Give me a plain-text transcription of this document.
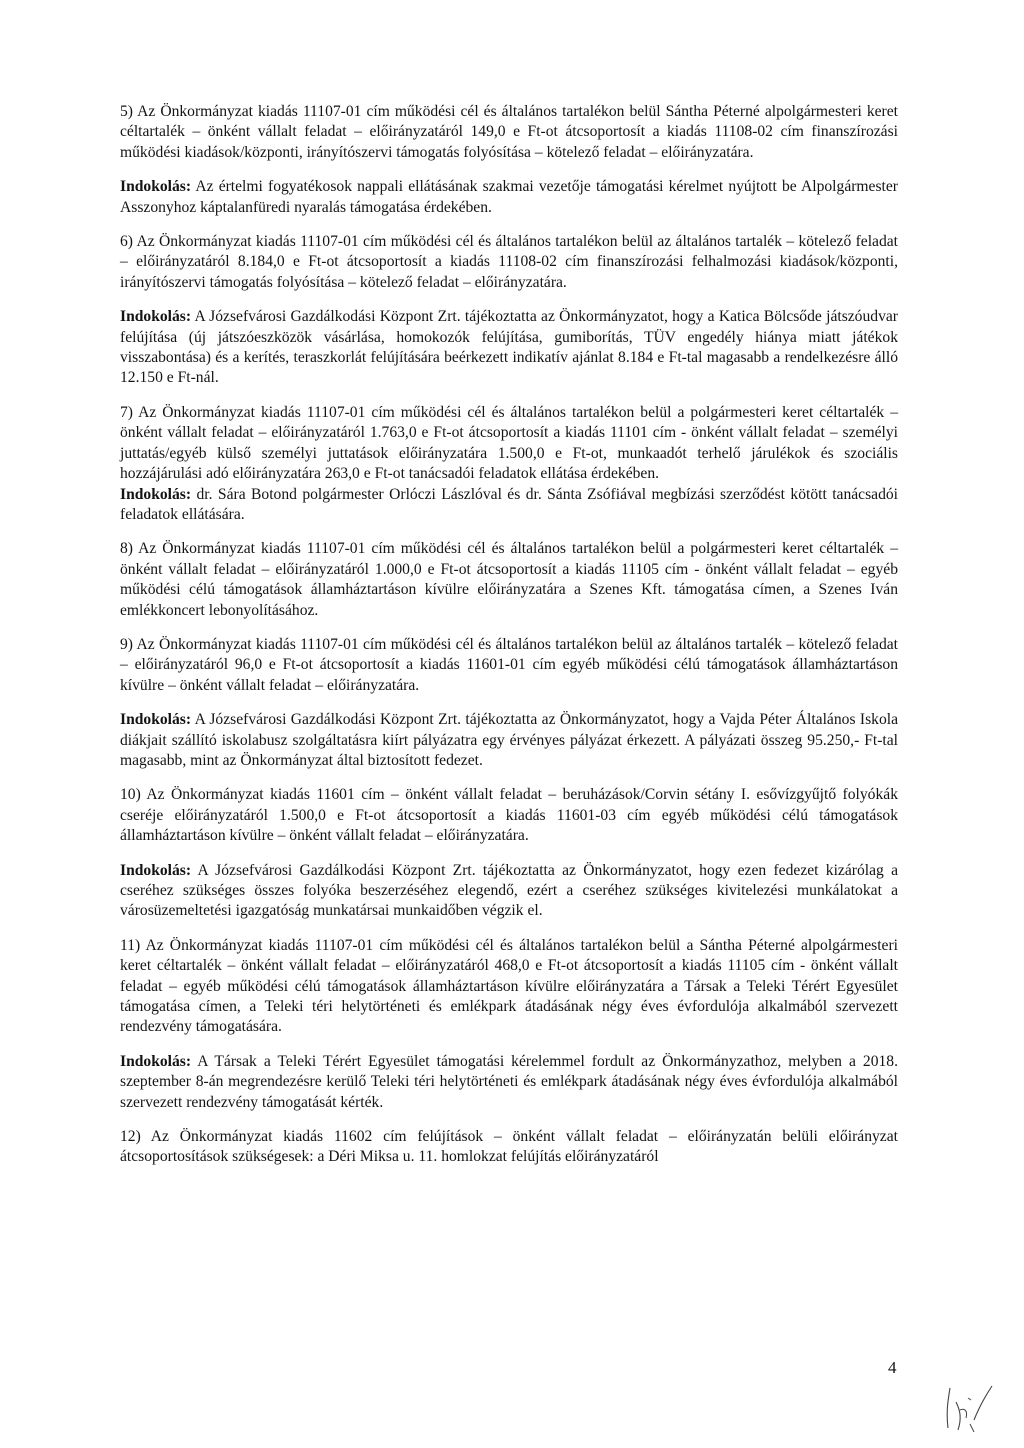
5) Az Önkormányzat kiadás 11107-01 cím működési cél és általános tartalékon belül Sántha Péterné alpolgármesteri keret céltartalék – önként vállalt feladat – előirányzatáról 149,0 e Ft-ot átcsoportosít a kiadás 11108-02 cím finanszírozási működési kiadások/központi, irányítószervi támogatás folyósítása – kötelező feladat – előirányzatára.

Indokolás: Az értelmi fogyatékosok nappali ellátásának szakmai vezetője támogatási kérelmet nyújtott be Alpolgármester Asszonyhoz káptalanfüredi nyaralás támogatása érdekében.

6) Az Önkormányzat kiadás 11107-01 cím működési cél és általános tartalékon belül az általános tartalék – kötelező feladat – előirányzatáról 8.184,0 e Ft-ot átcsoportosít a kiadás 11108-02 cím finanszírozási felhalmozási kiadások/központi, irányítószervi támogatás folyósítása – kötelező feladat – előirányzatára.

Indokolás: A Józsefvárosi Gazdálkodási Központ Zrt. tájékoztatta az Önkormányzatot, hogy a Katica Bölcsőde játszóudvar felújítása (új játszóeszközök vásárlása, homokozók felújítása, gumiborítás, TÜV engedély hiánya miatt játékok visszabontása) és a kerítés, teraszkorlát felújítására beérkezett indikatív ajánlat 8.184 e Ft-tal magasabb a rendelkezésre álló 12.150 e Ft-nál.

7) Az Önkormányzat kiadás 11107-01 cím működési cél és általános tartalékon belül a polgármesteri keret céltartalék – önként vállalt feladat – előirányzatáról 1.763,0 e Ft-ot átcsoportosít a kiadás 11101 cím - önként vállalt feladat – személyi juttatás/egyéb külső személyi juttatások előirányzatára 1.500,0 e Ft-ot, munkaadót terhelő járulékok és szociális hozzájárulási adó előirányzatára 263,0 e Ft-ot tanácsadói feladatok ellátása érdekében.

Indokolás: dr. Sára Botond polgármester Orlóczi Lászlóval és dr. Sánta Zsófiával megbízási szerződést kötött tanácsadói feladatok ellátására.

8) Az Önkormányzat kiadás 11107-01 cím működési cél és általános tartalékon belül a polgármesteri keret céltartalék – önként vállalt feladat – előirányzatáról 1.000,0 e Ft-ot átcsoportosít a kiadás 11105 cím - önként vállalt feladat – egyéb működési célú támogatások államháztartáson kívülre előirányzatára a Szenes Kft. támogatása címen, a Szenes Iván emlékkoncert lebonyolításához.

9) Az Önkormányzat kiadás 11107-01 cím működési cél és általános tartalékon belül az általános tartalék – kötelező feladat – előirányzatáról 96,0 e Ft-ot átcsoportosít a kiadás 11601-01 cím egyéb működési célú támogatások államháztartáson kívülre – önként vállalt feladat – előirányzatára.

Indokolás: A Józsefvárosi Gazdálkodási Központ Zrt. tájékoztatta az Önkormányzatot, hogy a Vajda Péter Általános Iskola diákjait szállító iskolabusz szolgáltatásra kiírt pályázatra egy érvényes pályázat érkezett. A pályázati összeg 95.250,- Ft-tal magasabb, mint az Önkormányzat által biztosított fedezet.

10) Az Önkormányzat kiadás 11601 cím – önként vállalt feladat – beruházások/Corvin sétány I. esővízgyűjtő folyókák cseréje előirányzatáról 1.500,0 e Ft-ot átcsoportosít a kiadás 11601-03 cím egyéb működési célú támogatások államháztartáson kívülre – önként vállalt feladat – előirányzatára.

Indokolás: A Józsefvárosi Gazdálkodási Központ Zrt. tájékoztatta az Önkormányzatot, hogy ezen fedezet kizárólag a cseréhez szükséges összes folyóka beszerzéséhez elegendő, ezért a cseréhez szükséges kivitelezési munkálatokat a városüzemeltetési igazgatóság munkatársai munkaidőben végzik el.

11) Az Önkormányzat kiadás 11107-01 cím működési cél és általános tartalékon belül a Sántha Péterné alpolgármesteri keret céltartalék – önként vállalt feladat – előirányzatáról 468,0 e Ft-ot átcsoportosít a kiadás 11105 cím - önként vállalt feladat – egyéb működési célú támogatások államháztartáson kívülre előirányzatára a Társak a Teleki Térért Egyesület támogatása címen, a Teleki téri helytörténeti és emlékpark átadásának négy éves évfordulója alkalmából szervezett rendezvény támogatására.

Indokolás: A Társak a Teleki Térért Egyesület támogatási kérelemmel fordult az Önkormányzathoz, melyben a 2018. szeptember 8-án megrendezésre kerülő Teleki téri helytörténeti és emlékpark átadásának négy éves évfordulója alkalmából szervezett rendezvény támogatását kérték.

12) Az Önkormányzat kiadás 11602 cím felújítások – önként vállalt feladat – előirányzatán belüli előirányzat átcsoportosítások szükségesek: a Déri Miksa u. 11. homlokzat felújítás előirányzatáról

4
